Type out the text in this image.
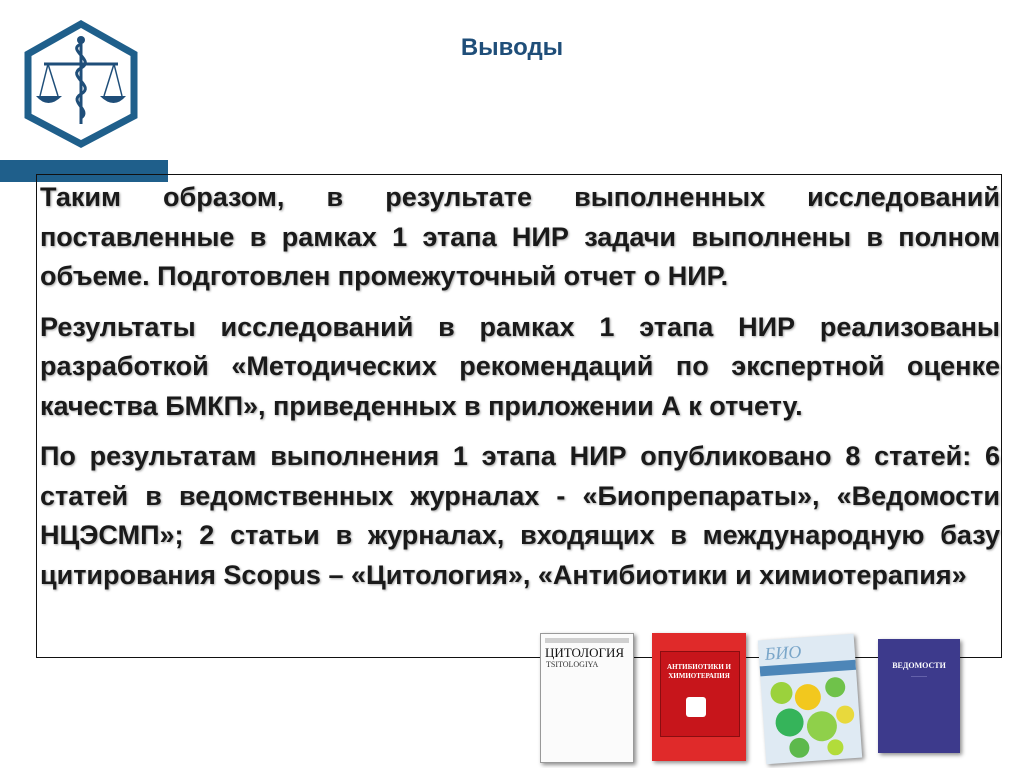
Выводы

Таким образом, в результате выполненных исследований поставленные в рамках 1 этапа НИР задачи выполнены в полном объеме. Подготовлен промежуточный отчет о НИР.

Результаты исследований в рамках 1 этапа НИР реализованы разработкой «Методических рекомендаций по экспертной оценке качества БМКП», приведенных в приложении А к отчету.

По результатам выполнения 1 этапа НИР опубликовано 8 статей: 6 статей в ведомственных журналах - «Биопрепараты», «Ведомости НЦЭСМП»; 2 статьи в журналах, входящих в международную базу цитирования Scopus – «Цитология», «Антибиотики и химиотерапия»

ЦИТОЛОГИЯ
TSITOLOGIYA	АНТИБИОТИКИ И ХИМИОТЕРАПИЯ
БИО
ВЕДОМОСТИ
————
